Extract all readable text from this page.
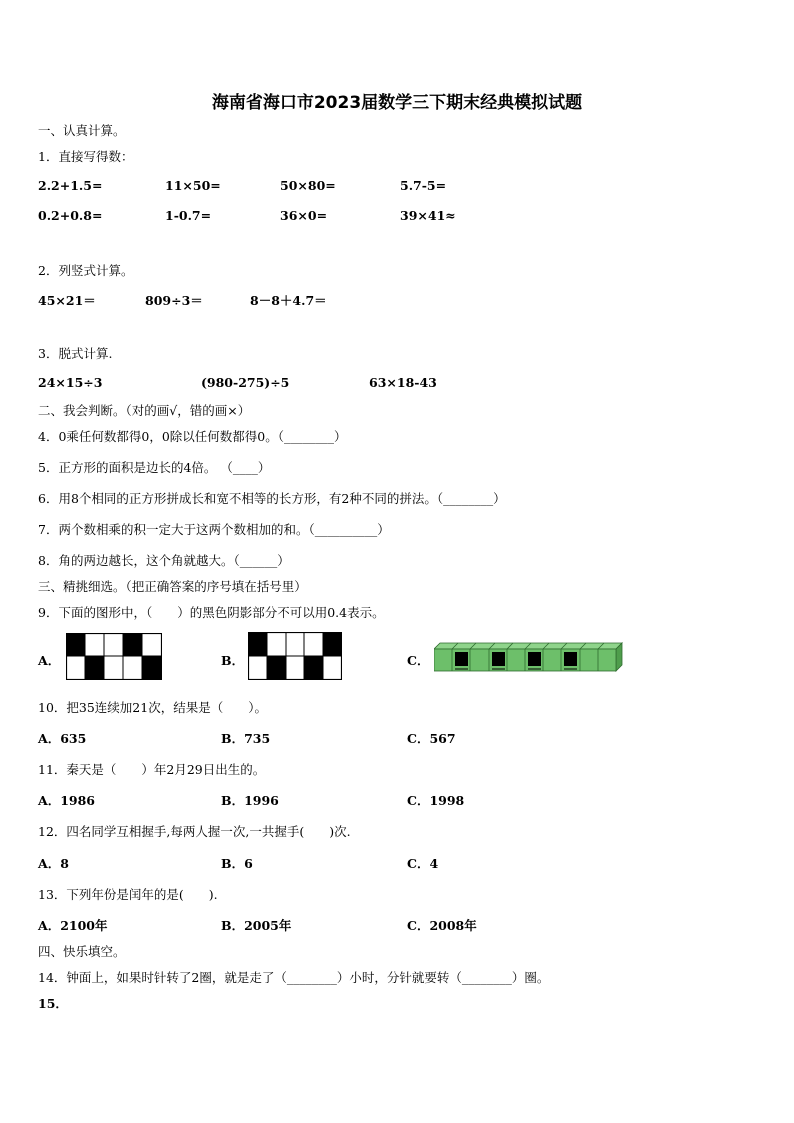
海南省海口市2023届数学三下期末经典模拟试题
一、认真计算。
1．直接写得数：
2.2+1.5=	11×50=	50×80=	5.7-5=
0.2+0.8=	1-0.7=	36×0=	39×41≈
2．列竖式计算。
45×21＝	809÷3＝	8－8＋4.7＝
3．脱式计算.
24×15÷3	(980-275)÷5	63×18-43
二、我会判断。（对的画√，错的画×）
4．0乘任何数都得0，0除以任何数都得0。（________）
5．正方形的面积是边长的4倍。 （____）
6．用8个相同的正方形拼成长和宽不相等的长方形，有2种不同的拼法。（________）
7．两个数相乘的积一定大于这两个数相加的和。（__________）
8．角的两边越长，这个角就越大。（______）
三、精挑细选。（把正确答案的序号填在括号里）
9．下面的图形中，（　　）的黑色阴影部分不可以用0.4表示。
A．	B．	C．
10．把35连续加21次，结果是（　　）。
A．635	B．735	C．567
11．秦天是（　　）年2月29日出生的。
A．1986	B．1996	C．1998
12．四名同学互相握手,每两人握一次,一共握手(　　)次.
A．8	B．6	C．4
13．下列年份是闰年的是(　　).
A．2100年	B．2005年	C．2008年
四、快乐填空。
14．钟面上，如果时针转了2圈，就是走了（________）小时，分针就要转（________）圈。
15．
